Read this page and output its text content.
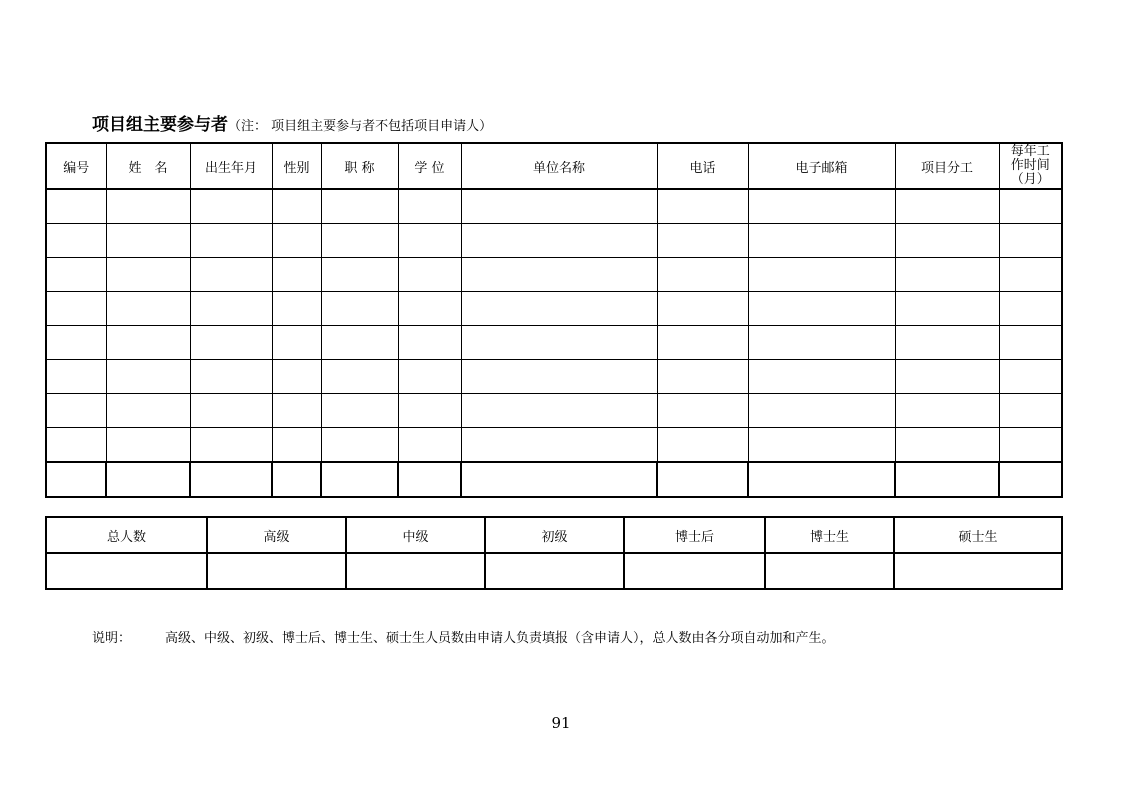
项目组主要参与者（注： 项目组主要参与者不包括项目申请人）
编号	姓　名	出生年月	性别	职 称	学 位	单位名称	电话	电子邮箱	项目分工	每年工
作时间
（月）

总人数	高级	中级	初级	博士后	博士生	硕士生

说明：	高级、中级、初级、博士后、博士生、硕士生人员数由申请人负责填报（含申请人），总人数由各分项自动加和产生。
91
